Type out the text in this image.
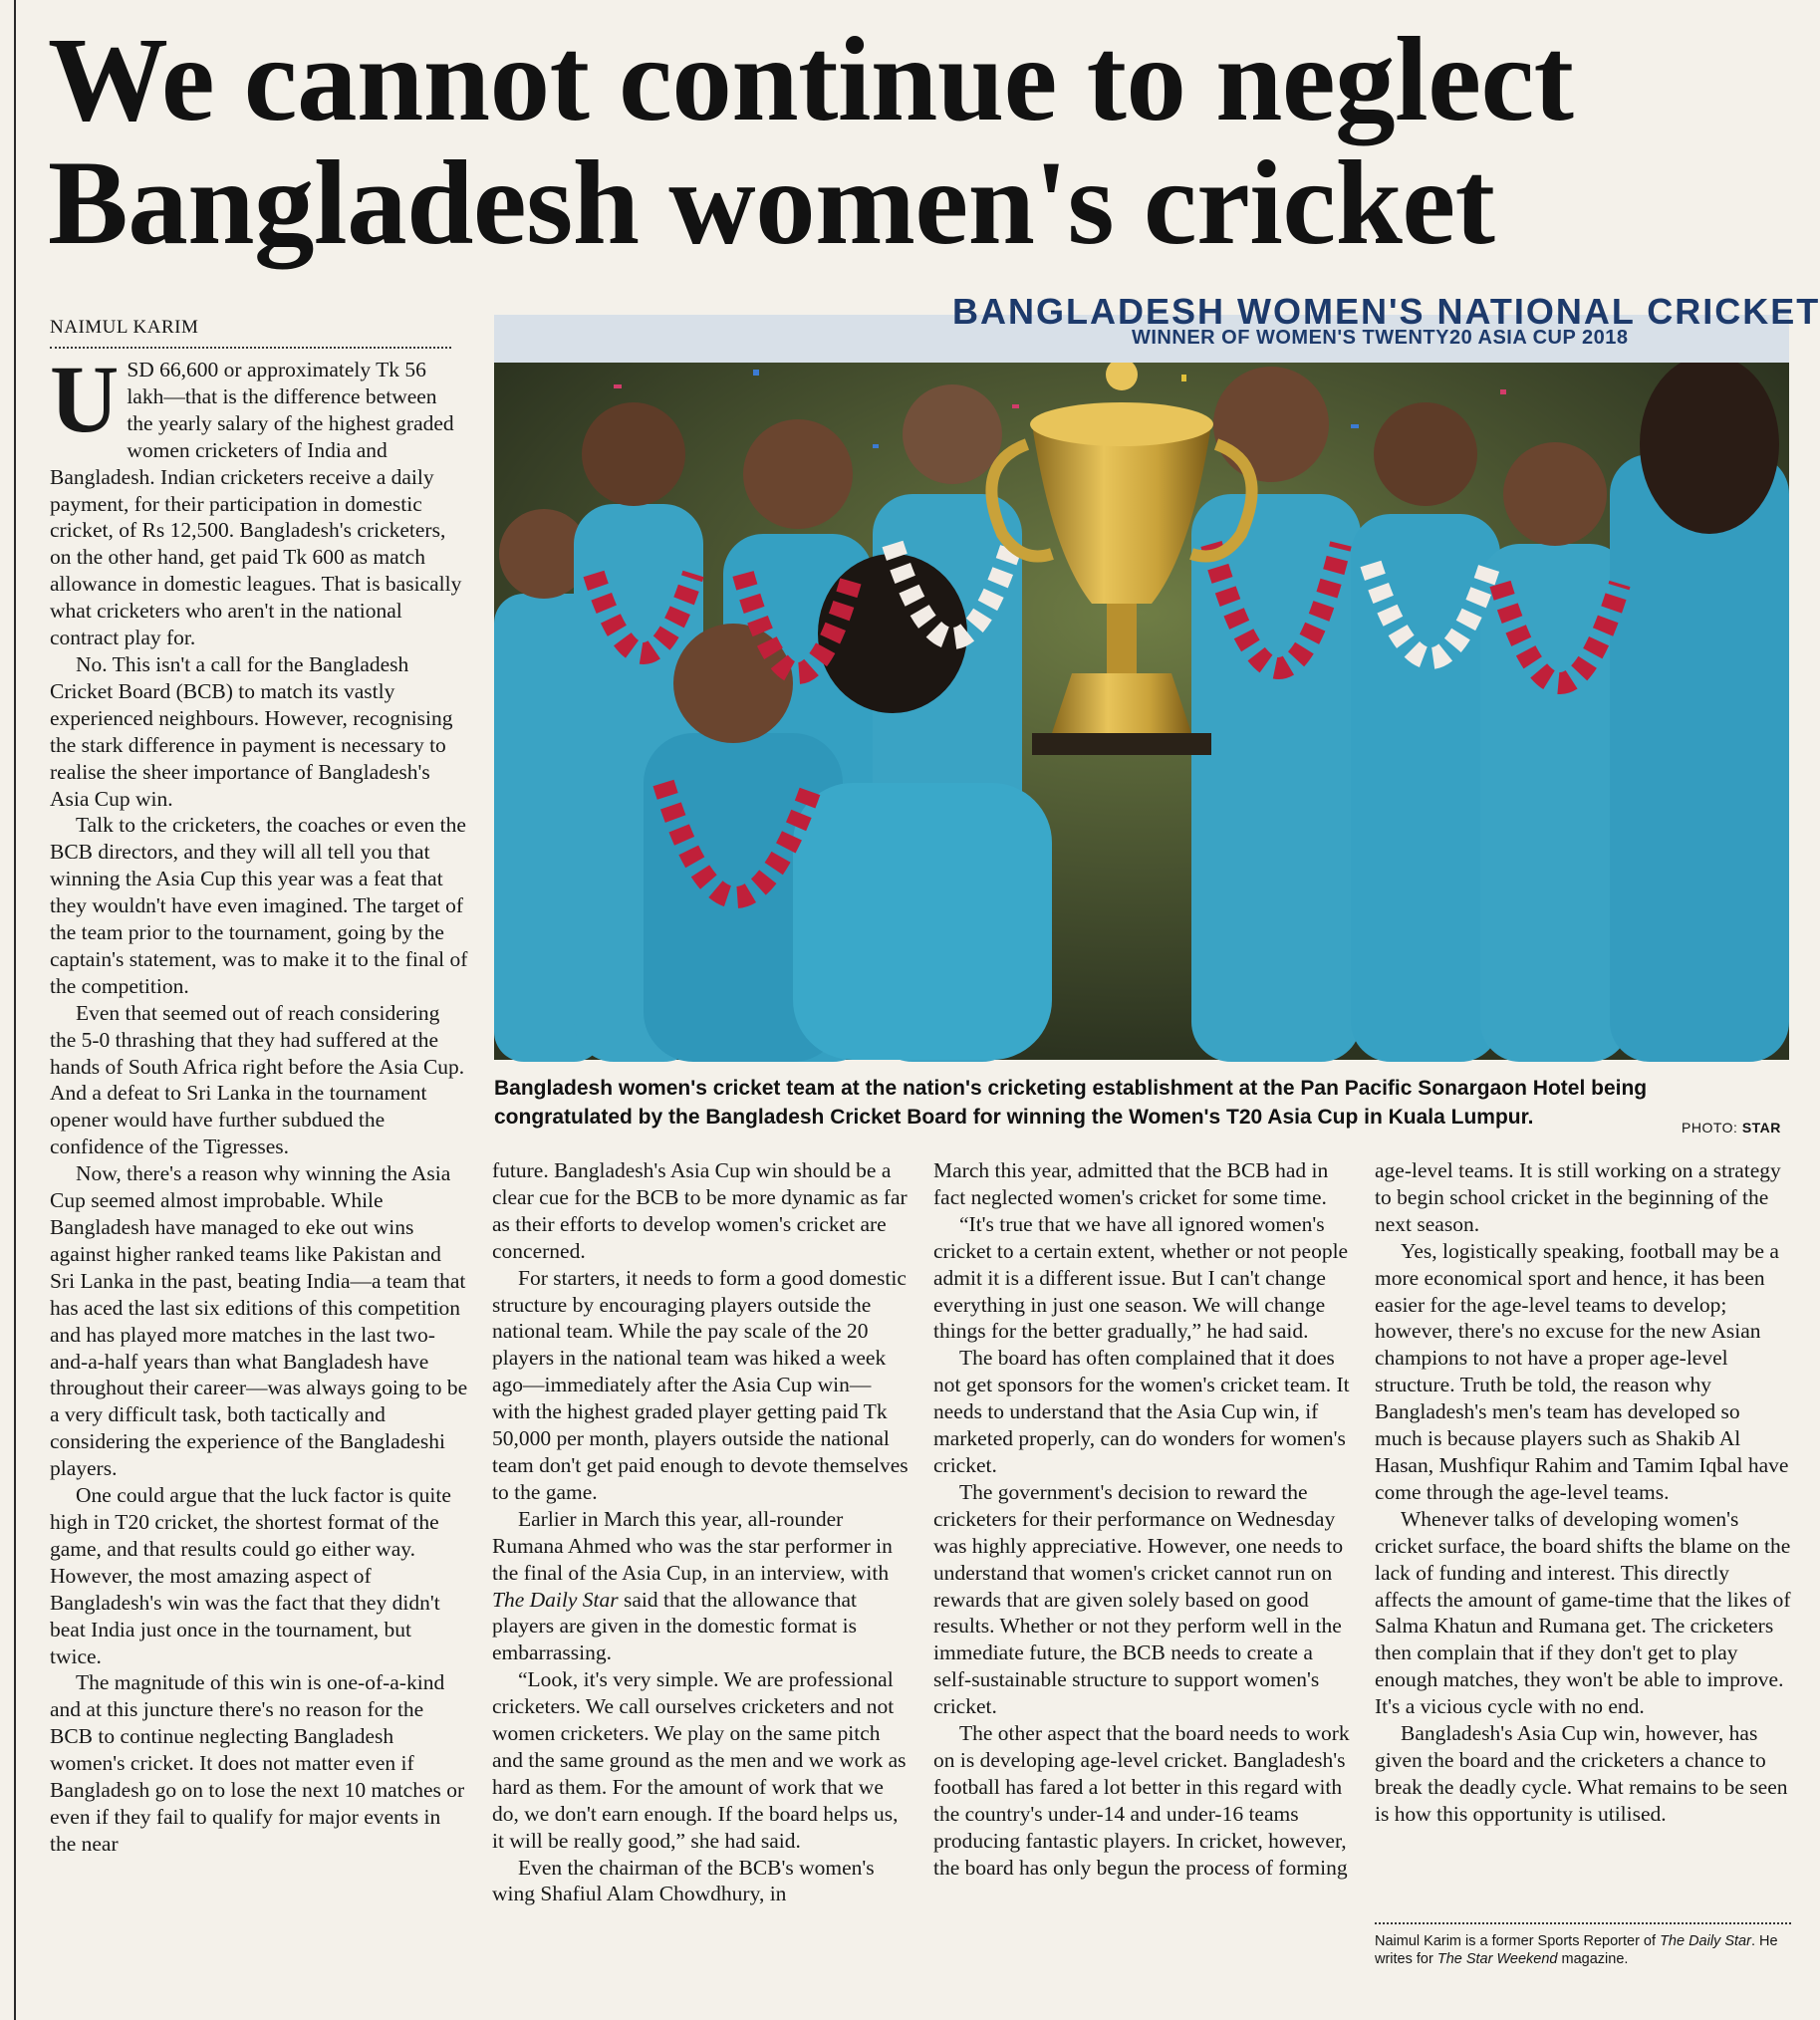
We cannot continue to neglect
Bangladesh women's cricket
NAIMUL KARIM

USD 66,600 or approximately Tk 56 lakh—that is the difference between the yearly salary of the highest graded women cricketers of India and Bangladesh. Indian cricketers receive a daily payment, for their participation in domestic cricket, of Rs 12,500. Bangladesh's cricketers, on the other hand, get paid Tk 600 as match allowance in domestic leagues. That is basically what cricketers who aren't in the national contract play for.

No. This isn't a call for the Bangladesh Cricket Board (BCB) to match its vastly experienced neighbours. However, recognising the stark difference in payment is necessary to realise the sheer importance of Bangladesh's Asia Cup win.

Talk to the cricketers, the coaches or even the BCB directors, and they will all tell you that winning the Asia Cup this year was a feat that they wouldn't have even imagined. The target of the team prior to the tournament, going by the captain's statement, was to make it to the final of the competition.

Even that seemed out of reach considering the 5-0 thrashing that they had suffered at the hands of South Africa right before the Asia Cup. And a defeat to Sri Lanka in the tournament opener would have further subdued the confidence of the Tigresses.

Now, there's a reason why winning the Asia Cup seemed almost improbable. While Bangladesh have managed to eke out wins against higher ranked teams like Pakistan and Sri Lanka in the past, beating India—a team that has aced the last six editions of this competition and has played more matches in the last two-and-a-half years than what Bangladesh have throughout their career—was always going to be a very difficult task, both tactically and considering the experience of the Bangladeshi players.

One could argue that the luck factor is quite high in T20 cricket, the shortest format of the game, and that results could go either way. However, the most amazing aspect of Bangladesh's win was the fact that they didn't beat India just once in the tournament, but twice.

The magnitude of this win is one-of-a-kind and at this juncture there's no reason for the BCB to continue neglecting Bangladesh women's cricket. It does not matter even if Bangladesh go on to lose the next 10 matches or even if they fail to qualify for major events in the near

BANGLADESH WOMEN'S NATIONAL CRICKET
WINNER OF WOMEN'S TWENTY20 ASIA CUP 2018
Bangladesh women's cricket team at the nation's cricketing establishment at the Pan Pacific Sonargaon Hotel being congratulated by the Bangladesh Cricket Board for winning the Women's T20 Asia Cup in Kuala Lumpur.	PHOTO: STAR

future. Bangladesh's Asia Cup win should be a clear cue for the BCB to be more dynamic as far as their efforts to develop women's cricket are concerned.

For starters, it needs to form a good domestic structure by encouraging players outside the national team. While the pay scale of the 20 players in the national team was hiked a week ago—immediately after the Asia Cup win—with the highest graded player getting paid Tk 50,000 per month, players outside the national team don't get paid enough to devote themselves to the game.

Earlier in March this year, all-rounder Rumana Ahmed who was the star performer in the final of the Asia Cup, in an interview, with The Daily Star said that the allowance that players are given in the domestic format is embarrassing.

“Look, it's very simple. We are professional cricketers. We call ourselves cricketers and not women cricketers. We play on the same pitch and the same ground as the men and we work as hard as them. For the amount of work that we do, we don't earn enough. If the board helps us, it will be really good,” she had said.

Even the chairman of the BCB's women's wing Shafiul Alam Chowdhury, in

March this year, admitted that the BCB had in fact neglected women's cricket for some time.

“It's true that we have all ignored women's cricket to a certain extent, whether or not people admit it is a different issue. But I can't change everything in just one season. We will change things for the better gradually,” he had said.

The board has often complained that it does not get sponsors for the women's cricket team. It needs to understand that the Asia Cup win, if marketed properly, can do wonders for women's cricket.

The government's decision to reward the cricketers for their performance on Wednesday was highly appreciative. However, one needs to understand that women's cricket cannot run on rewards that are given solely based on good results. Whether or not they perform well in the immediate future, the BCB needs to create a self-sustainable structure to support women's cricket.

The other aspect that the board needs to work on is developing age-level cricket. Bangladesh's football has fared a lot better in this regard with the country's under-14 and under-16 teams producing fantastic players. In cricket, however, the board has only begun the process of forming

age-level teams. It is still working on a strategy to begin school cricket in the beginning of the next season.

Yes, logistically speaking, football may be a more economical sport and hence, it has been easier for the age-level teams to develop; however, there's no excuse for the new Asian champions to not have a proper age-level structure. Truth be told, the reason why Bangladesh's men's team has developed so much is because players such as Shakib Al Hasan, Mushfiqur Rahim and Tamim Iqbal have come through the age-level teams.

Whenever talks of developing women's cricket surface, the board shifts the blame on the lack of funding and interest. This directly affects the amount of game-time that the likes of Salma Khatun and Rumana get. The cricketers then complain that if they don't get to play enough matches, they won't be able to improve. It's a vicious cycle with no end.

Bangladesh's Asia Cup win, however, has given the board and the cricketers a chance to break the deadly cycle. What remains to be seen is how this opportunity is utilised.

Naimul Karim is a former Sports Reporter of The Daily Star. He writes for The Star Weekend magazine.
